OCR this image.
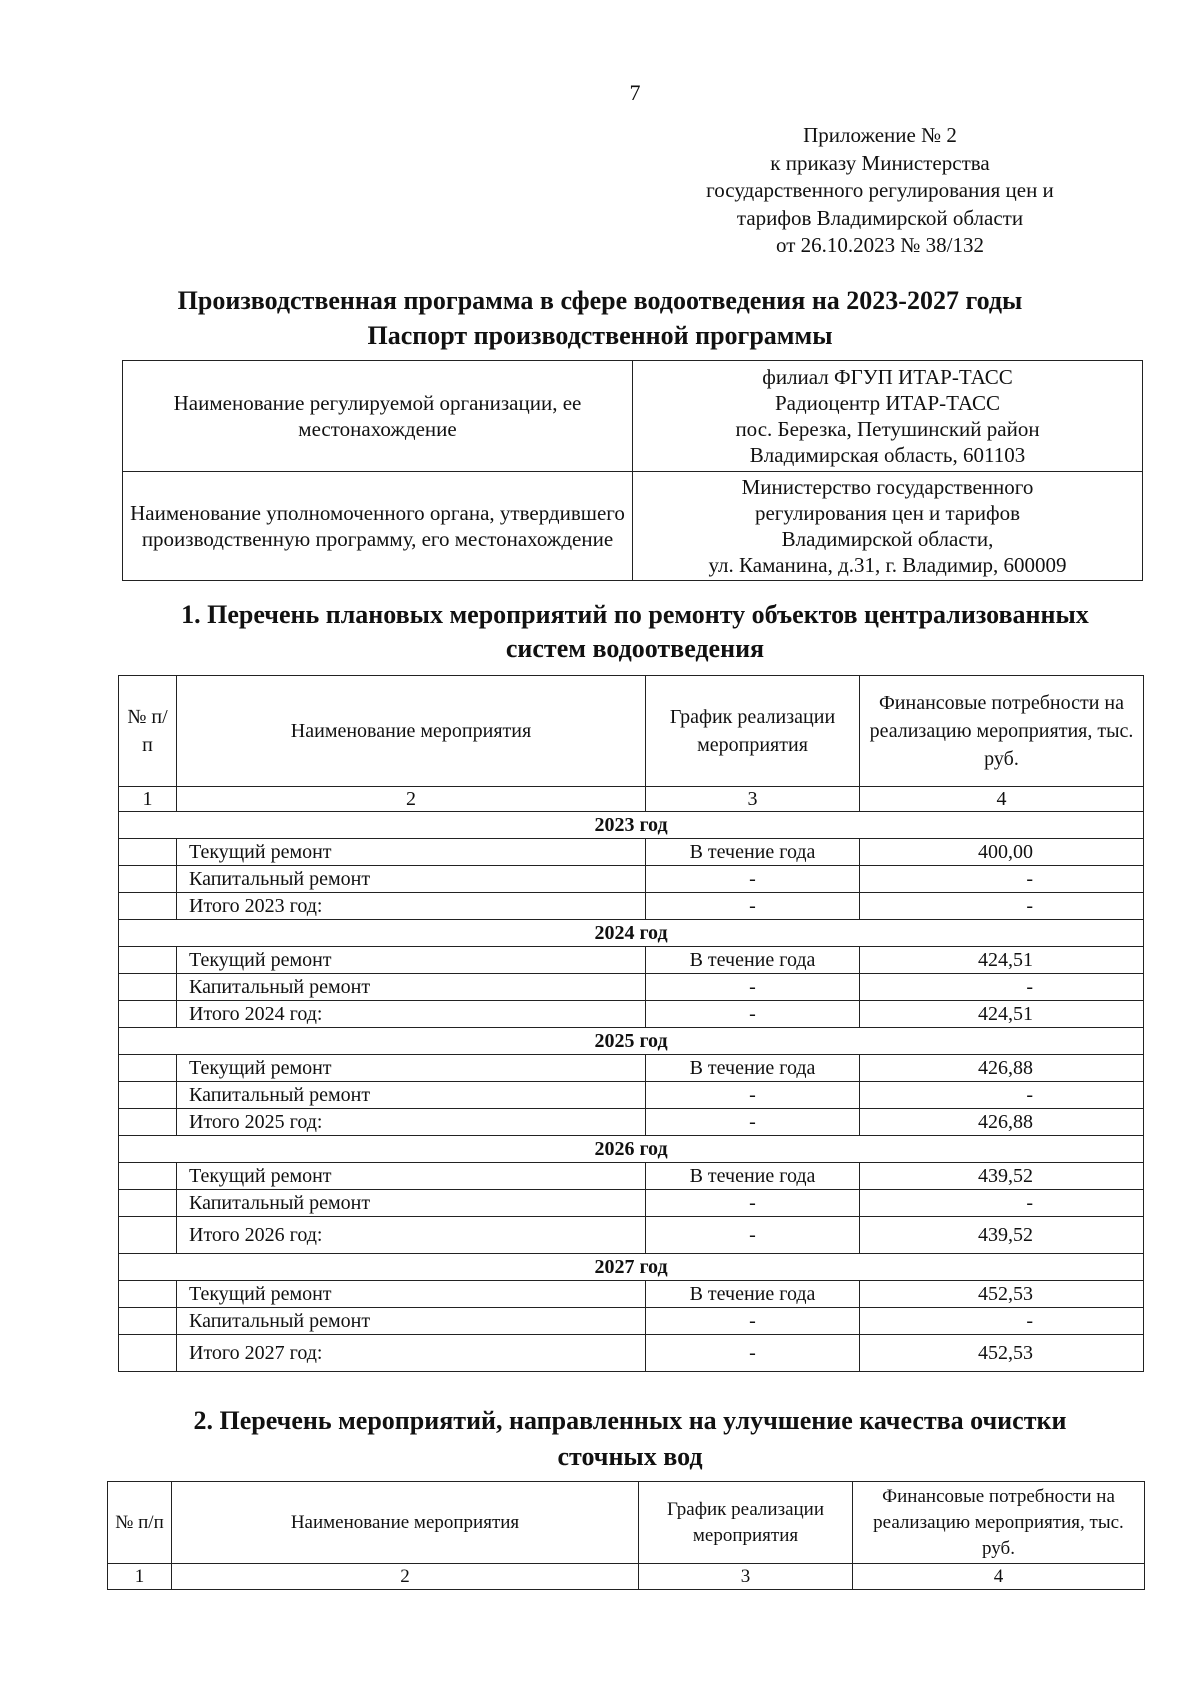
7
Приложение № 2
к приказу Министерства
государственного регулирования цен и
тарифов Владимирской области
от 26.10.2023 № 38/132
Производственная программа в сфере водоотведения на 2023-2027 годы
Паспорт производственной программы
Наименование регулируемой организации, ее местонахождение	филиал ФГУП ИТАР-ТАСС
Радиоцентр ИТАР-ТАСС
пос. Березка, Петушинский район
Владимирская область, 601103

Наименование уполномоченного органа, утвердившего производственную программу, его местонахождение	Министерство государственного
регулирования цен и тарифов
Владимирской области,
ул. Каманина, д.31, г. Владимир, 600009
1. Перечень плановых мероприятий по ремонту объектов централизованных
систем водоотведения
№ п/п	Наименование мероприятия	График реализации мероприятия	Финансовые потребности на реализацию мероприятия, тыс. руб.
1	2	3	4
2023 год			
	Текущий ремонт	В течение года	400,00
	Капитальный ремонт	-	-
	Итого 2023 год:	-	-
2024 год			
	Текущий ремонт	В течение года	424,51
	Капитальный ремонт	-	-
	Итого 2024 год:	-	424,51
2025 год			
	Текущий ремонт	В течение года	426,88
	Капитальный ремонт	-	-
	Итого 2025 год:	-	426,88
2026 год			
	Текущий ремонт	В течение года	439,52
	Капитальный ремонт	-	-
	Итого 2026 год:	-	439,52
2027 год			
	Текущий ремонт	В течение года	452,53
	Капитальный ремонт	-	-
	Итого 2027 год:	-	452,53
2. Перечень мероприятий, направленных на улучшение качества очистки
сточных вод
№ п/п	Наименование мероприятия	График реализации мероприятия	Финансовые потребности на реализацию мероприятия, тыс. руб.
1	2	3	4
